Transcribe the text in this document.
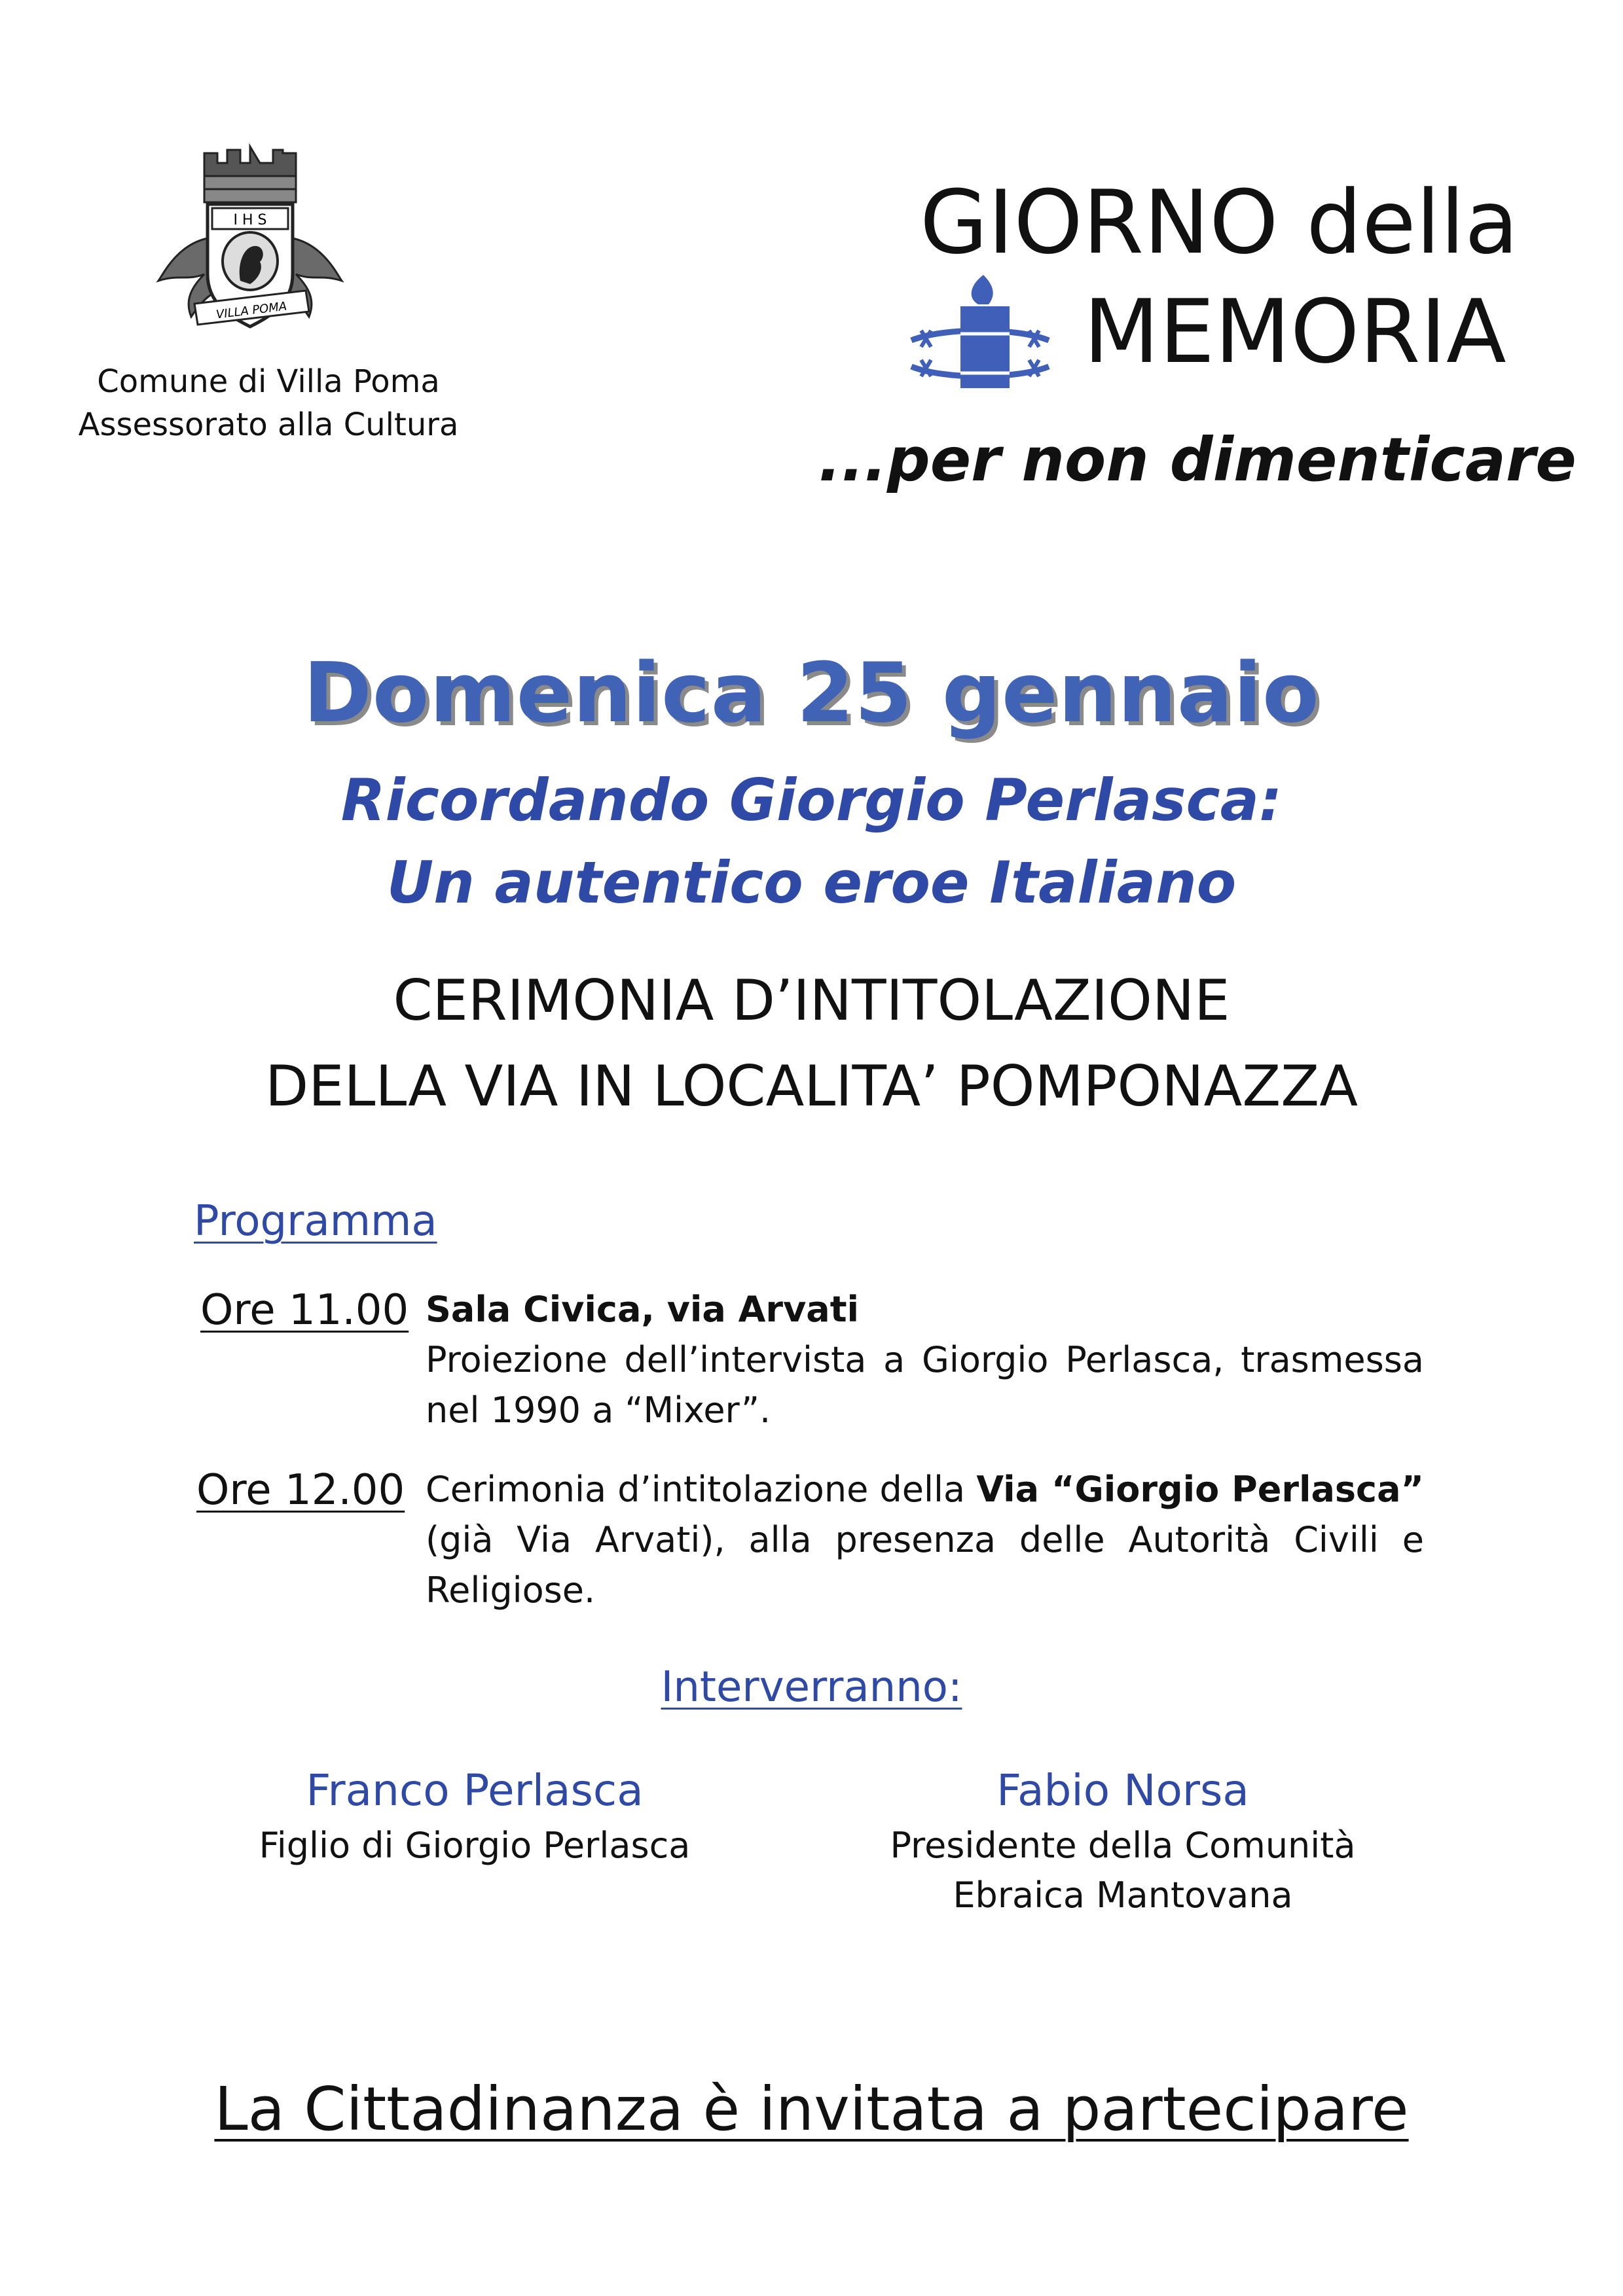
I H S
VILLA POMA
Comune di Villa Poma
Assessorato alla Cultura
GIORNO della
MEMORIA
...per non dimenticare
Domenica 25 gennaio
Ricordando Giorgio Perlasca:
Un autentico eroe Italiano
CERIMONIA D’INTITOLAZIONE
DELLA VIA IN LOCALITA’ POMPONAZZA
Programma
Ore 11.00 Sala Civica, via Arvati
Proiezione dell’intervista a Giorgio Perlasca, trasmessa nel 1990 a “Mixer”.
Ore 12.00 Cerimonia d’intitolazione della Via “Giorgio Perlasca” (già Via Arvati), alla presenza delle Autorità Civili e Religiose.
Interverranno:
Franco Perlasca
Figlio di Giorgio Perlasca
Fabio Norsa
Presidente della Comunità
Ebraica Mantovana
La Cittadinanza è invitata a partecipare
